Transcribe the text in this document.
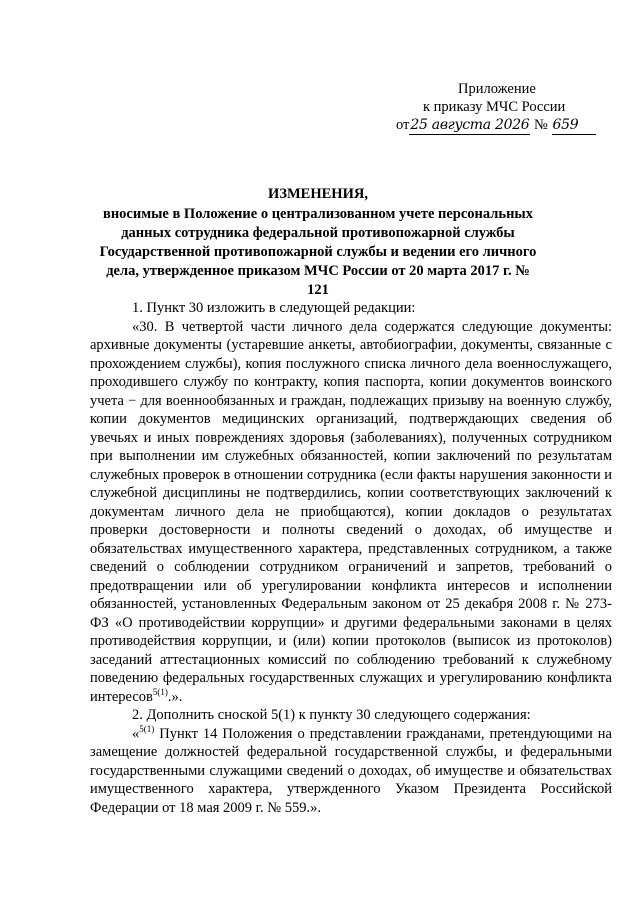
Приложение
к приказу МЧС России
от25 августа 2026 № 659
ИЗМЕНЕНИЯ,
вносимые в Положение о централизованном учете персональных данных сотрудника федеральной противопожарной службы Государственной противопожарной службы и ведении его личного дела, утвержденное приказом МЧС России от 20 марта 2017 г. № 121

1. Пункт 30 изложить в следующей редакции:

«30. В четвертой части личного дела содержатся следующие документы: архивные документы (устаревшие анкеты, автобиографии, документы, связанные с прохождением службы), копия послужного списка личного дела военнослужащего, проходившего службу по контракту, копия паспорта, копии документов воинского учета − для военнообязанных и граждан, подлежащих призыву на военную службу, копии документов медицинских организаций, подтверждающих сведения об увечьях и иных повреждениях здоровья (заболеваниях), полученных сотрудником при выполнении им служебных обязанностей, копии заключений по результатам служебных проверок в отношении сотрудника (если факты нарушения законности и служебной дисциплины не подтвердились, копии соответствующих заключений к документам личного дела не приобщаются), копии докладов о результатах проверки достоверности и полноты сведений о доходах, об имуществе и обязательствах имущественного характера, представленных сотрудником, а также сведений о соблюдении сотрудником ограничений и запретов, требований о предотвращении или об урегулировании конфликта интересов и исполнении обязанностей, установленных Федеральным законом от 25 декабря 2008 г. № 273-ФЗ «О противодействии коррупции» и другими федеральными законами в целях противодействия коррупции, и (или) копии протоколов (выписок из протоколов) заседаний аттестационных комиссий по соблюдению требований к служебному поведению федеральных государственных служащих и урегулированию конфликта интересов$^{5(1)}$.».

2. Дополнить сноской 5(1) к пункту 30 следующего содержания:

«$^{5(1)}$ Пункт 14 Положения о представлении гражданами, претендующими на замещение должностей федеральной государственной службы, и федеральными государственными служащими сведений о доходах, об имуществе и обязательствах имущественного характера, утвержденного Указом Президента Российской Федерации от 18 мая 2009 г. № 559.».
